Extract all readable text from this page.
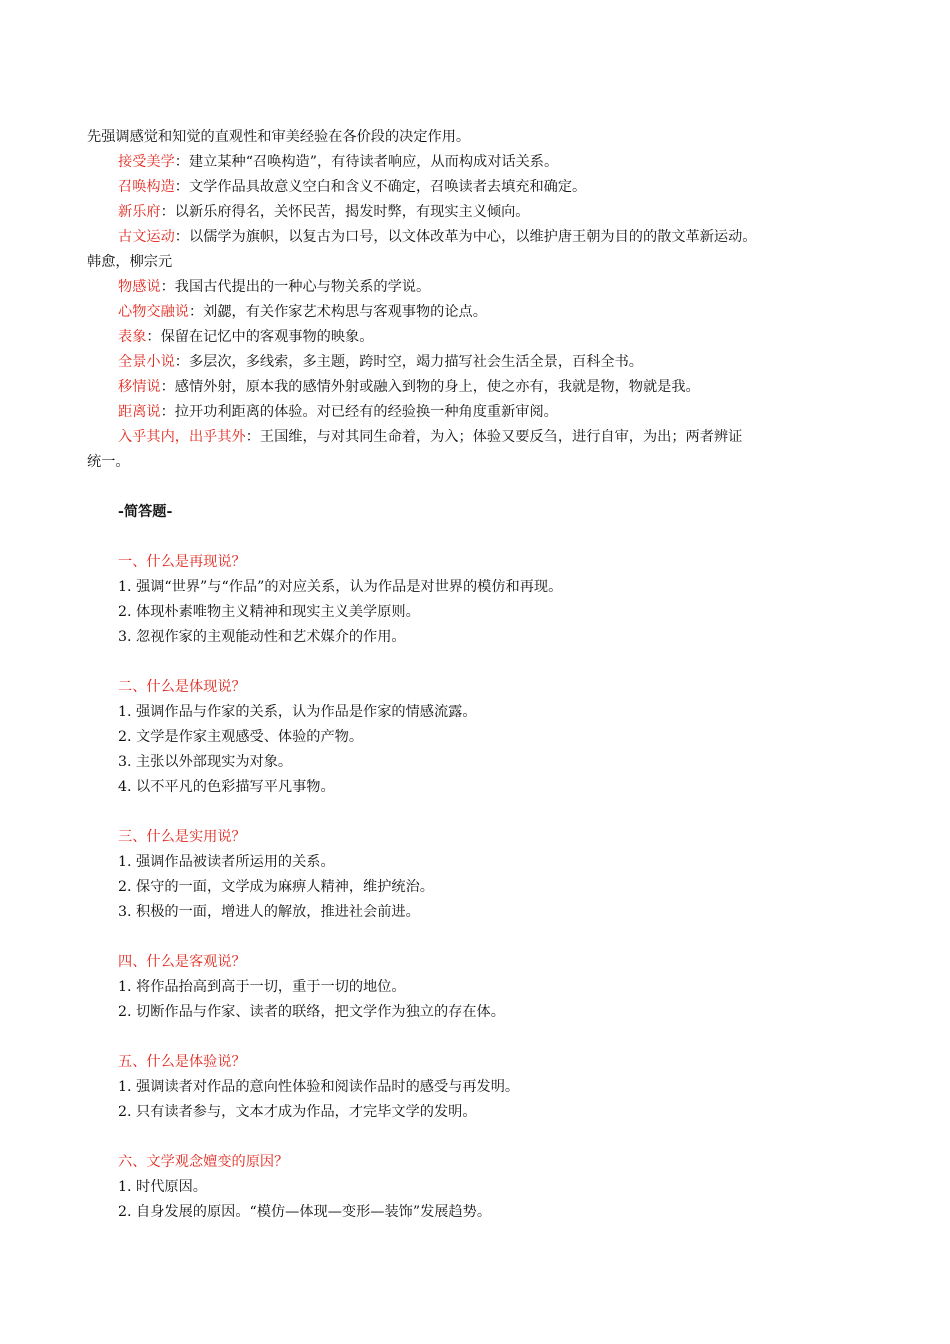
先强调感觉和知觉的直观性和审美经验在各价段的决定作用。
接受美学：建立某种“召唤构造”，有待读者响应，从而构成对话关系。
召唤构造：文学作品具故意义空白和含义不确定，召唤读者去填充和确定。
新乐府：以新乐府得名，关怀民苦，揭发时弊，有现实主义倾向。
古文运动：以儒学为旗帜，以复古为口号，以文体改革为中心，以维护唐王朝为目的的散文革新运动。
韩愈，柳宗元
物感说：我国古代提出的一种心与物关系的学说。
心物交融说：刘勰，有关作家艺术构思与客观事物的论点。
表象：保留在记忆中的客观事物的映象。
全景小说：多层次，多线索，多主题，跨时空，竭力描写社会生活全景，百科全书。
移情说：感情外射，原本我的感情外射或融入到物的身上，使之亦有，我就是物，物就是我。
距离说：拉开功利距离的体验。对已经有的经验换一种角度重新审阅。
入乎其内，出乎其外：王国维，与对其同生命着，为入；体验又要反刍，进行自审，为出；两者辨证
统一。
-简答题-
一、什么是再现说？
1. 强调“世界”与“作品”的对应关系，认为作品是对世界的模仿和再现。
2. 体现朴素唯物主义精神和现实主义美学原则。
3. 忽视作家的主观能动性和艺术媒介的作用。
二、什么是体现说？
1. 强调作品与作家的关系，认为作品是作家的情感流露。
2. 文学是作家主观感受、体验的产物。
3. 主张以外部现实为对象。
4. 以不平凡的色彩描写平凡事物。
三、什么是实用说？
1. 强调作品被读者所运用的关系。
2. 保守的一面，文学成为麻痹人精神，维护统治。
3. 积极的一面，增进人的解放，推进社会前进。
四、什么是客观说？
1. 将作品抬高到高于一切，重于一切的地位。
2. 切断作品与作家、读者的联络，把文学作为独立的存在体。
五、什么是体验说？
1. 强调读者对作品的意向性体验和阅读作品时的感受与再发明。
2. 只有读者参与，文本才成为作品，才完毕文学的发明。
六、文学观念嬗变的原因？
1. 时代原因。
2. 自身发展的原因。“模仿—体现—变形—装饰”发展趋势。
